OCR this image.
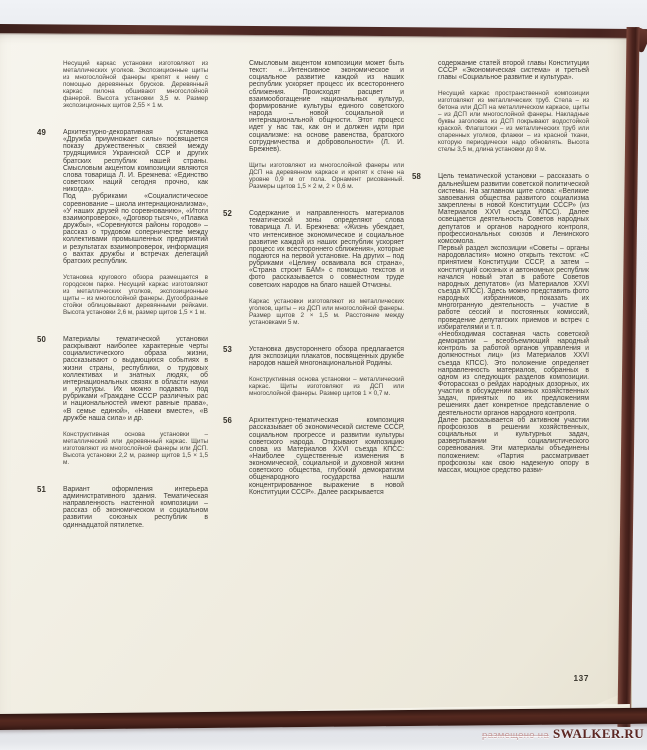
Несущий каркас установки изготовляют из металлических уголков. Экспозиционные щиты из многослойной фанеры крепят к нему с помощью деревянных брусков. Деревянный каркас пилона обшивают многослойной фанерой. Высота установки 3,5 м. Размер экспозиционных щитов 2,55 × 1 м.

49	Архитектурно-декоративная установка «Дружба приумножает силы» посвящается показу дружественных связей между трудящимися Украинской ССР и других братских республик нашей страны. Смысловым акцентом композиции являются слова товарища Л. И. Брежнева: «Единство советских наций сегодня прочно, как никогда».

Под рубриками «Социалистическое соревнование – школа интернационализма», «У наших друзей по соревнованию», «Итоги взаимопроверок», «Договор тысяч», «Плавка дружбы», «Соревнуются районы городов» – рассказ о трудовом соперничестве между коллективами промышленных предприятий и результатах взаимопроверок, информация о вахтах дружбы и встречах делегаций братских республик.

Установка кругового обзора размещается в городском парке. Несущий каркас изготовляют из металлических уголков, экспозиционные щиты – из многослойной фанеры. Дугообразные стойки облицовывают деревянными рейками. Высота установки 2,6 м, размер щитов 1,5 × 1 м.

50	Материалы тематической установки раскрывают наиболее характерные черты социалистического образа жизни, рассказывают о выдающихся событиях в жизни страны, республики, о трудовых коллективах и знатных людях, об интернациональных связях в области науки и культуры. Их можно подавать под рубриками «Граждане СССР различных рас и национальностей имеют равные права», «В семье единой», «Навеки вместе», «В дружбе наша сила» и др.

Конструктивная основа установки – металлический или деревянный каркас. Щиты изготовляют из многослойной фанеры или ДСП. Высота установки 2,2 м, размер щитов 1,5 × 1,5 м.

51	Вариант оформления интерьера административного здания. Тематическая направленность настенной композиции – рассказ об экономическом и социальном развитии союзных республик в одиннадцатой пятилетке.

Смысловым акцентом композиции может быть текст: «...Интенсивное экономическое и социальное развитие каждой из наших республик ускоряет процесс их всестороннего сближения. Происходят расцвет и взаимообогащение национальных культур, формирование культуры единого советского народа – новой социальной и интернациональной общности. Этот процесс идет у нас так, как он и должен идти при социализме: на основе равенства, братского сотрудничества и добровольности» (Л. И. Брежнев).

Щиты изготовляют из многослойной фанеры или ДСП на деревянном каркасе и крепят к стене на уровне 0,9 м от пола. Орнамент рисованный. Размеры щитов 1,5 × 2 м, 2 × 0,6 м.

52	Содержание и направленность материалов тематической зоны определяют слова товарища Л. И. Брежнева: «Жизнь убеждает, что интенсивное экономическое и социальное развитие каждой из наших республик ускоряет процесс их всестороннего сближения», которые подаются на первой установке. На других – под рубриками «Целину осваивала вся страна», «Страна строит БАМ» с помощью текстов и фото рассказывается о совместном труде советских народов на благо нашей Отчизны.

Каркас установки изготовляют из металлических уголков, щиты – из ДСП или многослойной фанеры. Размер щитов 2 × 1,5 м. Расстояние между установками 5 м.

53	Установка двустороннего обзора предлагается для экспозиции плакатов, посвященных дружбе народов нашей многонациональной Родины.

Конструктивная основа установки – металлический каркас. Щиты изготовляют из ДСП или многослойной фанеры. Размер щитов 1 × 0,7 м.

56	Архитектурно-тематическая композиция рассказывает об экономической системе СССР, социальном прогрессе и развитии культуры советского народа. Открывают композицию слова из Материалов XXVI съезда КПСС: «Наиболее существенные изменения в экономической, социальной и духовной жизни советского общества, глубокий демократизм общенародного государства нашли концентрированное выражение в новой Конституции СССР». Далее раскрывается

содержание статей второй главы Конституции СССР «Экономическая система» и третьей главы «Социальное развитие и культура».

Несущий каркас пространственной композиции изготовляют из металлических труб. Стела – из бетона или ДСП на металлическом каркасе, щиты – из ДСП или многослойной фанеры. Накладные буквы заголовка из ДСП покрывают водостойкой краской. Флагштоки – из металлических труб или спаренных уголков, флажки – из красной ткани, которую периодически надо обновлять. Высота стелы 3,5 м, длина установки до 8 м.

58	Цель тематической установки – рассказать о дальнейшем развитии советской политической системы. На заглавном щите слова: «Великие завоевания общества развитого социализма закреплены в новой Конституции СССР» (из Материалов XXVI съезда КПСС). Далее освещается деятельность Советов народных депутатов и органов народного контроля, профессиональных союзов и Ленинского комсомола.

Первый раздел экспозиции «Советы – органы народовластия» можно открыть текстом: «С принятием Конституции СССР, а затем – конституций союзных и автономных республик начался новый этап в работе Советов народных депутатов» (из Материалов XXVI съезда КПСС). Здесь можно представить фото народных избранников, показать их многогранную деятельность – участие в работе сессий и постоянных комиссий, проведение депутатских приемов и встреч с избирателями и т. п.

«Необходимая составная часть советской демократии – всеобъемлющий народный контроль за работой органов управления и должностных лиц» (из Материалов XXVI съезда КПСС). Это положение определяет направленность материалов, собранных в одном из следующих разделов композиции. Фоторассказ о рейдах народных дозорных, их участии в обсуждении важных хозяйственных задач, принятых по их предложениям решениях дает конкретное представление о деятельности органов народного контроля.

Далее рассказывается об активном участии профсоюзов в решении хозяйственных, социальных и культурных задач, развертывании социалистического соревнования. Эти материалы объединены положением: «Партия рассматривает профсоюзы как свою надежную опору в массах, мощное средство разви-

137
размещено на SWALKER.RU
